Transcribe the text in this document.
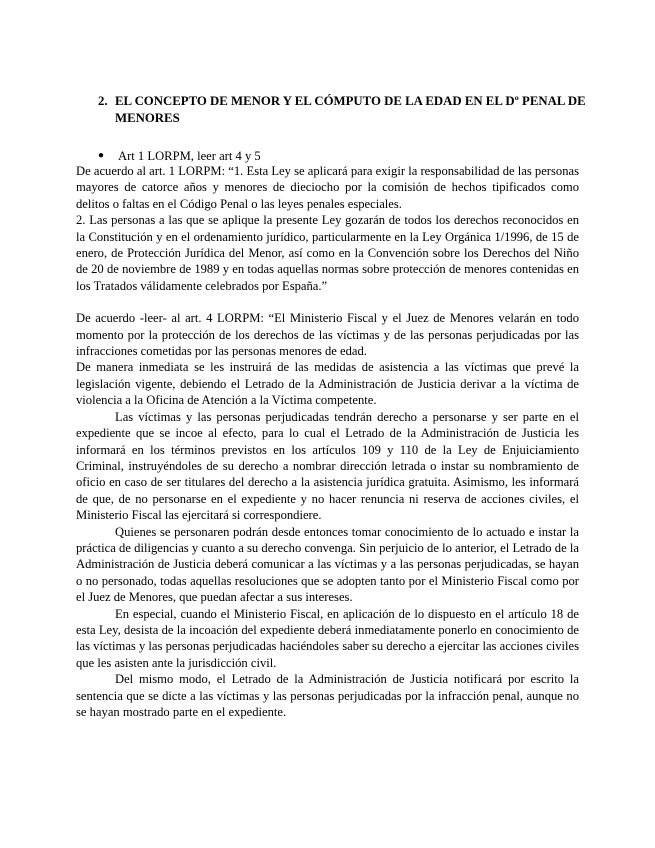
2. EL CONCEPTO DE MENOR Y EL CÓMPUTO DE LA EDAD EN EL Dº PENAL DE MENORES
● Art 1 LORPM, leer art 4 y 5

De acuerdo al art. 1 LORPM: “1. Esta Ley se aplicará para exigir la responsabilidad de las personas mayores de catorce años y menores de dieciocho por la comisión de hechos tipificados como delitos o faltas en el Código Penal o las leyes penales especiales.

2. Las personas a las que se aplique la presente Ley gozarán de todos los derechos reconocidos en la Constitución y en el ordenamiento jurídico, particularmente en la Ley Orgánica 1/1996, de 15 de enero, de Protección Jurídica del Menor, así como en la Convención sobre los Derechos del Niño de 20 de noviembre de 1989 y en todas aquellas normas sobre protección de menores contenidas en los Tratados válidamente celebrados por España.”

De acuerdo -leer- al art. 4 LORPM: “El Ministerio Fiscal y el Juez de Menores velarán en todo momento por la protección de los derechos de las víctimas y de las personas perjudicadas por las infracciones cometidas por las personas menores de edad.

De manera inmediata se les instruirá de las medidas de asistencia a las víctimas que prevé la legislación vigente, debiendo el Letrado de la Administración de Justicia derivar a la víctima de violencia a la Oficina de Atención a la Víctima competente.

Las víctimas y las personas perjudicadas tendrán derecho a personarse y ser parte en el expediente que se incoe al efecto, para lo cual el Letrado de la Administración de Justicia les informará en los términos previstos en los artículos 109 y 110 de la Ley de Enjuiciamiento Criminal, instruyéndoles de su derecho a nombrar dirección letrada o instar su nombramiento de oficio en caso de ser titulares del derecho a la asistencia jurídica gratuita. Asimismo, les informará de que, de no personarse en el expediente y no hacer renuncia ni reserva de acciones civiles, el Ministerio Fiscal las ejercitará si correspondiere.

Quienes se personaren podrán desde entonces tomar conocimiento de lo actuado e instar la práctica de diligencias y cuanto a su derecho convenga. Sin perjuicio de lo anterior, el Letrado de la Administración de Justicia deberá comunicar a las víctimas y a las personas perjudicadas, se hayan o no personado, todas aquellas resoluciones que se adopten tanto por el Ministerio Fiscal como por el Juez de Menores, que puedan afectar a sus intereses.

En especial, cuando el Ministerio Fiscal, en aplicación de lo dispuesto en el artículo 18 de esta Ley, desista de la incoación del expediente deberá inmediatamente ponerlo en conocimiento de las víctimas y las personas perjudicadas haciéndoles saber su derecho a ejercitar las acciones civiles que les asisten ante la jurisdicción civil.

Del mismo modo, el Letrado de la Administración de Justicia notificará por escrito la sentencia que se dicte a las víctimas y las personas perjudicadas por la infracción penal, aunque no se hayan mostrado parte en el expediente.
